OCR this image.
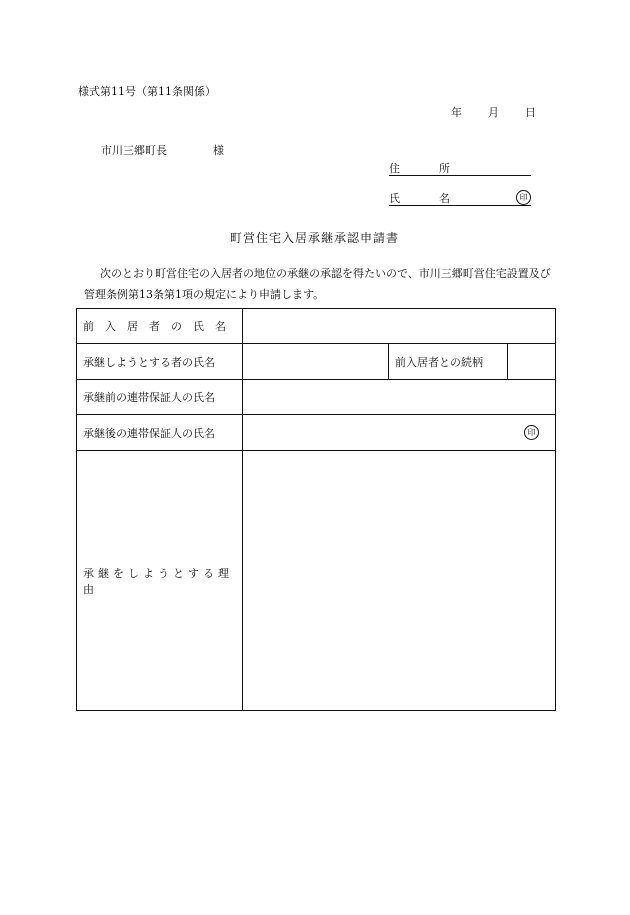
様式第11号（第11条関係）
年 月 日
市川三郷町長	様
住　所
氏　名	印
町営住宅入居承継承認申請書
次のとおり町営住宅の入居者の地位の承継の承認を得たいので、市川三郷町営住宅設置及び管理条例第13条第1項の規定により申請します。
前入居者の氏名			
承継しようとする者の氏名		前入居者との続柄	
承継前の連帯保証人の氏名			
承継後の連帯保証人の氏名	印		
承継をしようとする理由			
